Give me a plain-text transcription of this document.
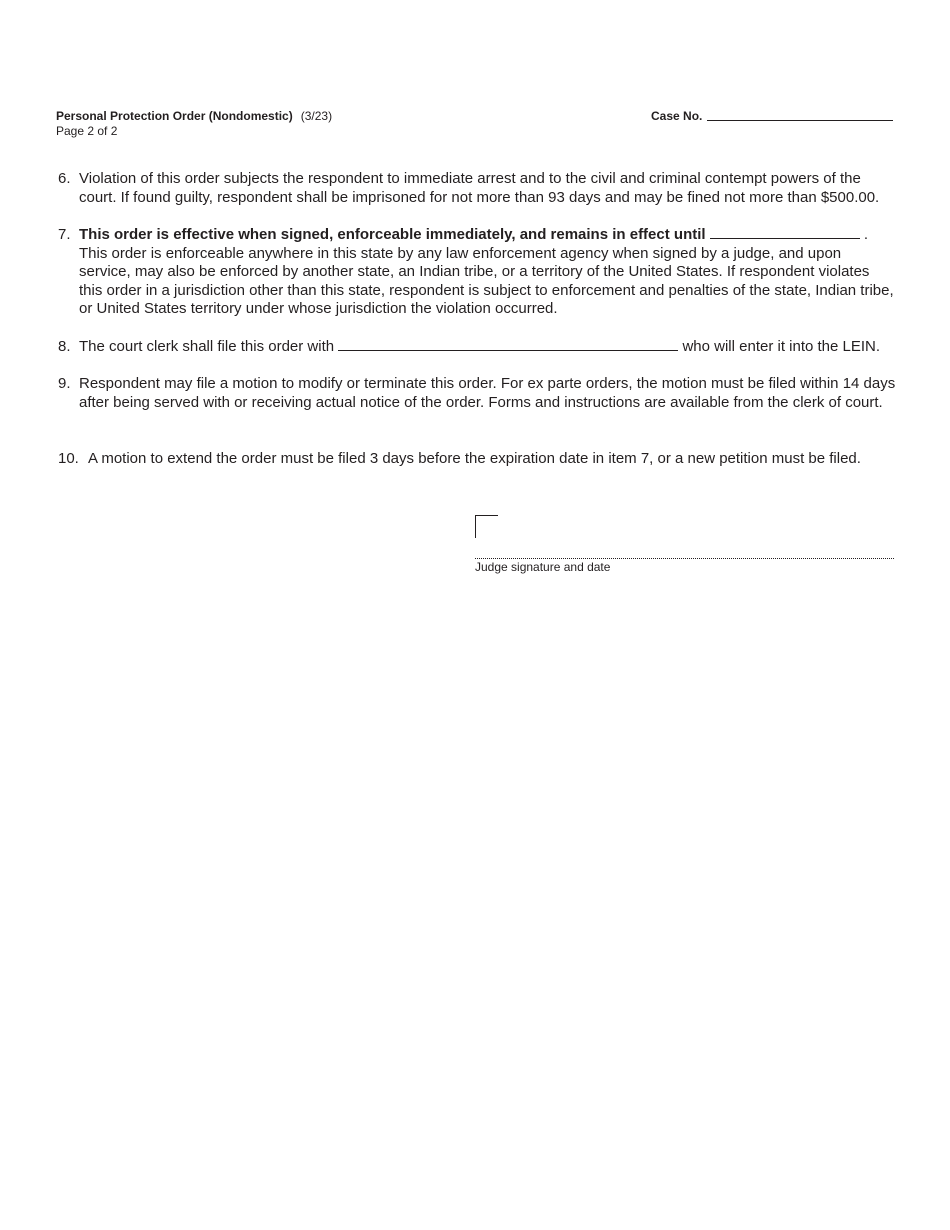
Personal Protection Order (Nondomestic) (3/23)
Page 2 of 2
Case No.
6. Violation of this order subjects the respondent to immediate arrest and to the civil and criminal contempt powers of the court. If found guilty, respondent shall be imprisoned for not more than 93 days and may be fined not more than $500.00.
7. This order is effective when signed, enforceable immediately, and remains in effect until	.
This order is enforceable anywhere in this state by any law enforcement agency when signed by a judge, and upon service, may also be enforced by another state, an Indian tribe, or a territory of the United States. If respondent violates this order in a jurisdiction other than this state, respondent is subject to enforcement and penalties of the state, Indian tribe, or United States territory under whose jurisdiction the violation occurred.
8. The court clerk shall file this order with	who will enter it into the LEIN.
9. Respondent may file a motion to modify or terminate this order. For ex parte orders, the motion must be filed within 14 days after being served with or receiving actual notice of the order. Forms and instructions are available from the clerk of court.
10. A motion to extend the order must be filed 3 days before the expiration date in item 7, or a new petition must be filed.
Judge signature and date
